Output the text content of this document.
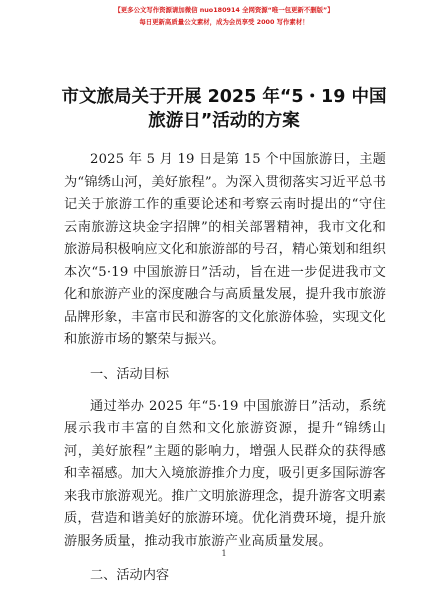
【更多公文写作资源请加微信 nuo180914 全网资源“唯一包更新不删版”】
每日更新高质量公文素材，成为会员享受 2000 写作素材！
市文旅局关于开展 2025 年“5・19 中国旅游日”活动的方案

2025 年 5 月 19 日是第 15 个中国旅游日，主题为“锦绣山河，美好旅程”。为深入贯彻落实习近平总书记关于旅游工作的重要论述和考察云南时提出的“守住云南旅游这块金字招牌”的相关部署精神，我市文化和旅游局积极响应文化和旅游部的号召，精心策划和组织本次“5·19 中国旅游日”活动，旨在进一步促进我市文化和旅游产业的深度融合与高质量发展，提升我市旅游品牌形象，丰富市民和游客的文化旅游体验，实现文化和旅游市场的繁荣与振兴。

一、活动目标

通过举办 2025 年“5·19 中国旅游日”活动，系统展示我市丰富的自然和文化旅游资源，提升“锦绣山河，美好旅程”主题的影响力，增强人民群众的获得感和幸福感。加大入境旅游推介力度，吸引更多国际游客来我市旅游观光。推广文明旅游理念，提升游客文明素质，营造和谐美好的旅游环境。优化消费环境，提升旅游服务质量，推动我市旅游产业高质量发展。

二、活动内容

1
